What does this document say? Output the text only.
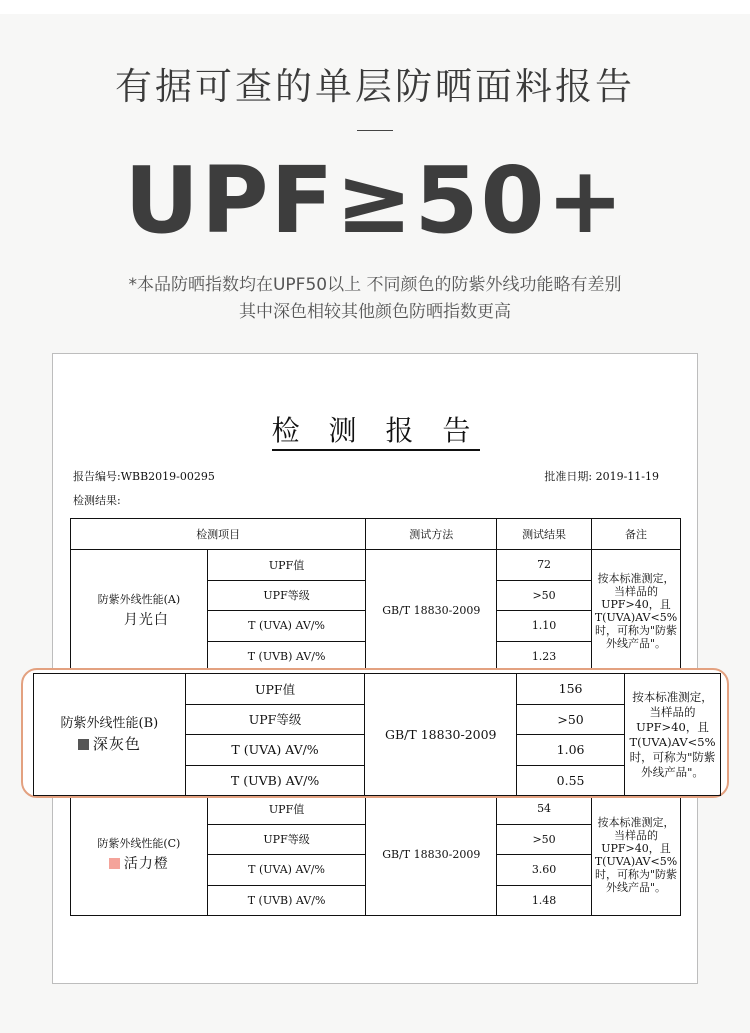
有据可查的单层防晒面料报告
UPF≥50+
*本品防晒指数均在UPF50以上 不同颜色的防紫外线功能略有差别
其中深色相较其他颜色防晒指数更高
检 测 报 告
报告编号:WBB2019-00295	批准日期: 2019-11-19
检测结果:
检测项目		测试方法	测试结果	备注

防紫外线性能(A)
月光白	UPF值	GB/T 18830-2009	72	按本标准测定，当样品的UPF>40，且T(UVA)AV<5%时，可称为"防紫外线产品"。
	UPF等级		>50	
	T (UVA) AV/%		1.10	
	T (UVB) AV/%		1.23	

防紫外线性能(C)
活力橙	UPF值	GB/T 18830-2009	54	按本标准测定，当样品的UPF>40，且T(UVA)AV<5%时，可称为"防紫外线产品"。
	UPF等级		>50	
	T (UVA) AV/%		3.60	
	T (UVB) AV/%		1.48	
防紫外线性能(B)
深灰色	UPF值	GB/T 18830-2009	156	按本标准测定，当样品的UPF>40，且T(UVA)AV<5%时，可称为"防紫外线产品"。
	UPF等级		>50	
	T (UVA) AV/%		1.06	
	T (UVB) AV/%		0.55	
